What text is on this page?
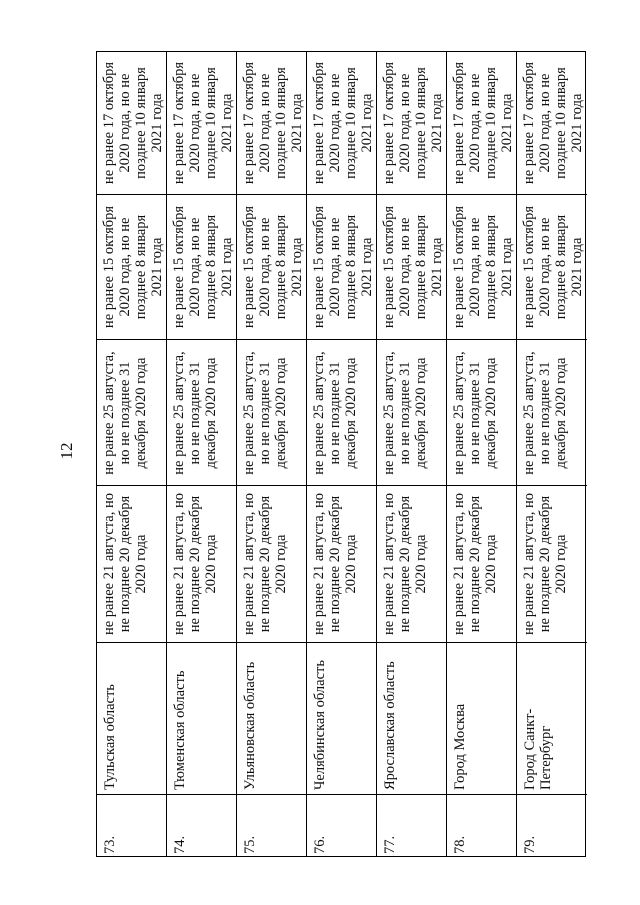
12
не ранее 17 октября 2020 года, но не позднее 10 января 2021 года
не ранее 15 октября 2020 года, но не позднее 8 января 2021 года
не ранее 25 августа, но не позднее 31 декабря 2020 года
не ранее 21 августа, но не позднее 20 декабря 2020 года
Тульская область
73.
не ранее 17 октября 2020 года, но не позднее 10 января 2021 года
не ранее 15 октября 2020 года, но не позднее 8 января 2021 года
не ранее 25 августа, но не позднее 31 декабря 2020 года
не ранее 21 августа, но не позднее 20 декабря 2020 года
Тюменская область
74.
не ранее 17 октября 2020 года, но не позднее 10 января 2021 года
не ранее 15 октября 2020 года, но не позднее 8 января 2021 года
не ранее 25 августа, но не позднее 31 декабря 2020 года
не ранее 21 августа, но не позднее 20 декабря 2020 года
Ульяновская область
75.
не ранее 17 октября 2020 года, но не позднее 10 января 2021 года
не ранее 15 октября 2020 года, но не позднее 8 января 2021 года
не ранее 25 августа, но не позднее 31 декабря 2020 года
не ранее 21 августа, но не позднее 20 декабря 2020 года
Челябинская область
76.
не ранее 17 октября 2020 года, но не позднее 10 января 2021 года
не ранее 15 октября 2020 года, но не позднее 8 января 2021 года
не ранее 25 августа, но не позднее 31 декабря 2020 года
не ранее 21 августа, но не позднее 20 декабря 2020 года
Ярославская область
77.
не ранее 17 октября 2020 года, но не позднее 10 января 2021 года
не ранее 15 октября 2020 года, но не позднее 8 января 2021 года
не ранее 25 августа, но не позднее 31 декабря 2020 года
не ранее 21 августа, но не позднее 20 декабря 2020 года
Город Москва
78.
не ранее 17 октября 2020 года, но не позднее 10 января 2021 года
не ранее 15 октября 2020 года, но не позднее 8 января 2021 года
не ранее 25 августа, но не позднее 31 декабря 2020 года
не ранее 21 августа, но не позднее 20 декабря 2020 года
Город Санкт-Петербург
79.
